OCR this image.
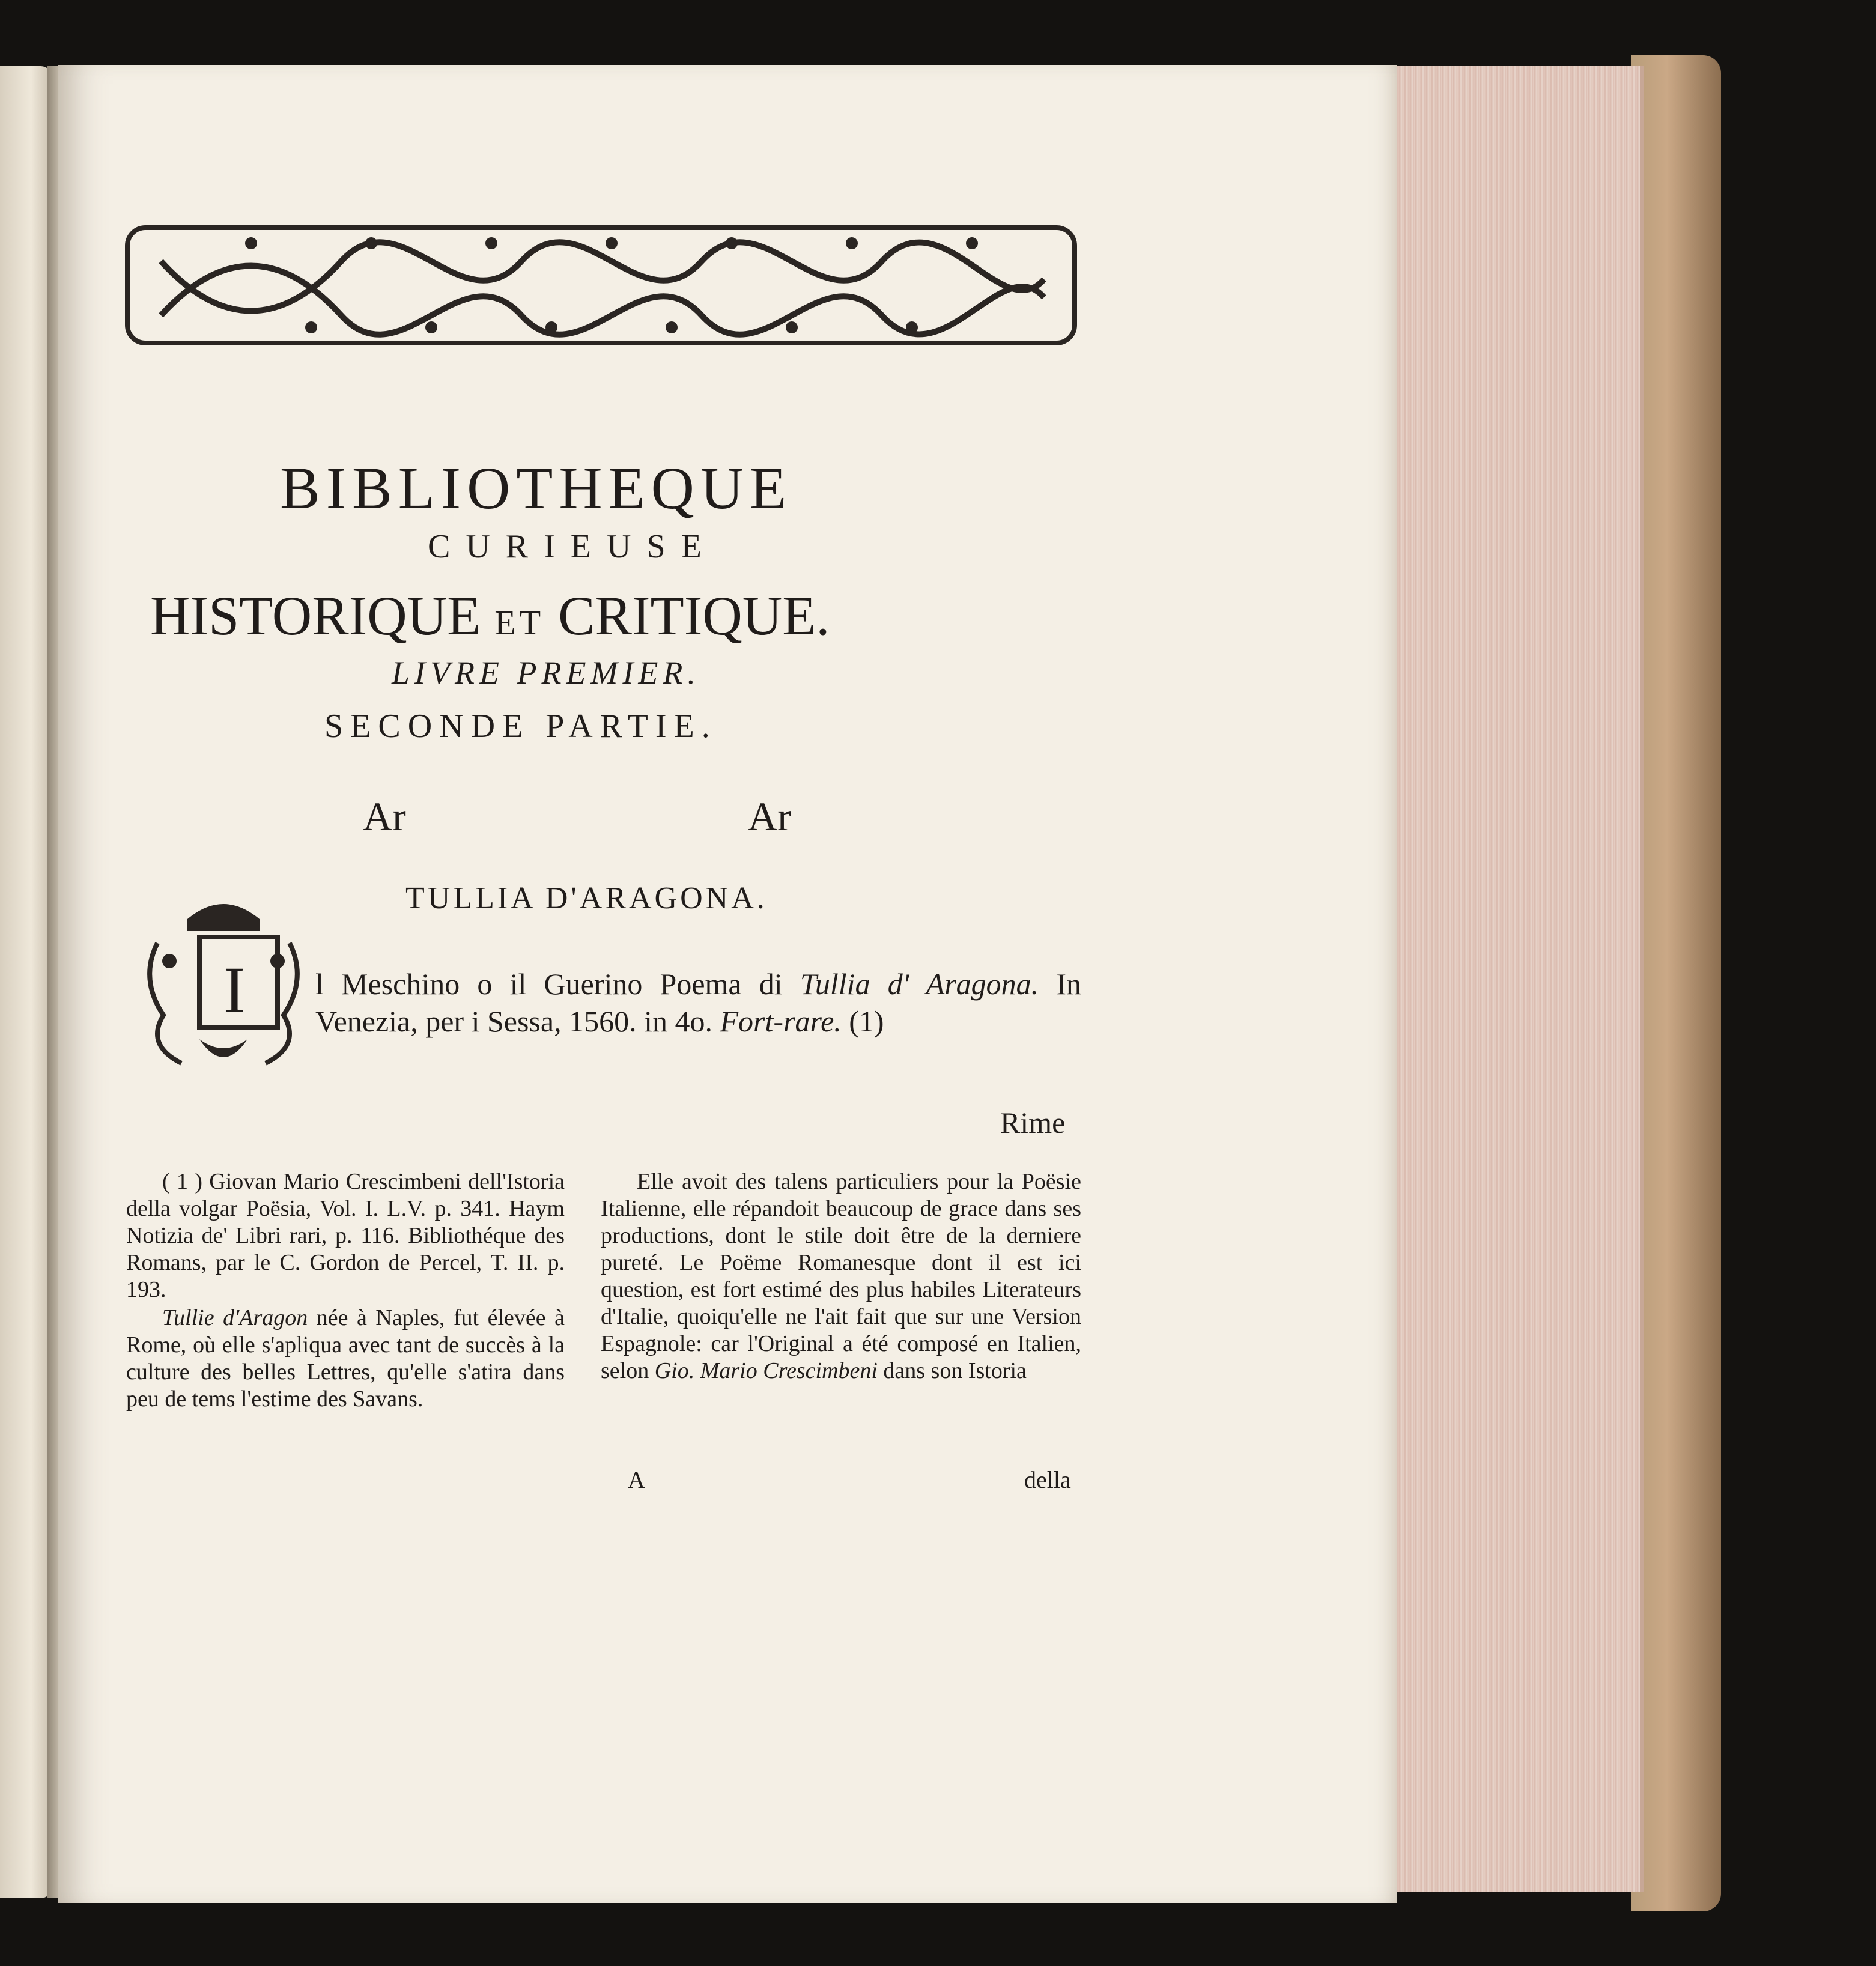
BIBLIOTHEQUE
CURIEUSE
HISTORIQUE ET CRITIQUE.
LIVRE PREMIER.
SECONDE PARTIE.
Ar	Ar
TULLIA D'ARAGONA.
I l Meschino o il Guerino Poema di Tullia d' Aragona. In Venezia, per i Sessa, 1560. in 4o. Fort-rare. (1)
Rime

( 1 ) Giovan Mario Crescimbeni dell'Istoria della volgar Poësia, Vol. I. L.V. p. 341. Haym Notizia de' Libri rari, p. 116. Bibliothéque des Romans, par le C. Gordon de Percel, T. II. p. 193.

Tullie d'Aragon née à Naples, fut élevée à Rome, où elle s'apliqua avec tant de succès à la culture des belles Lettres, qu'elle s'atira dans peu de tems l'estime des Savans.

Elle avoit des talens particuliers pour la Poësie Italienne, elle répandoit beaucoup de grace dans ses productions, dont le stile doit être de la derniere pureté. Le Poëme Romanesque dont il est ici question, est fort estimé des plus habiles Literateurs d'Italie, quoiqu'elle ne l'ait fait que sur une Version Espagnole: car l'Original a été composé en Italien, selon Gio. Mario Crescimbeni dans son Istoria

A	della
